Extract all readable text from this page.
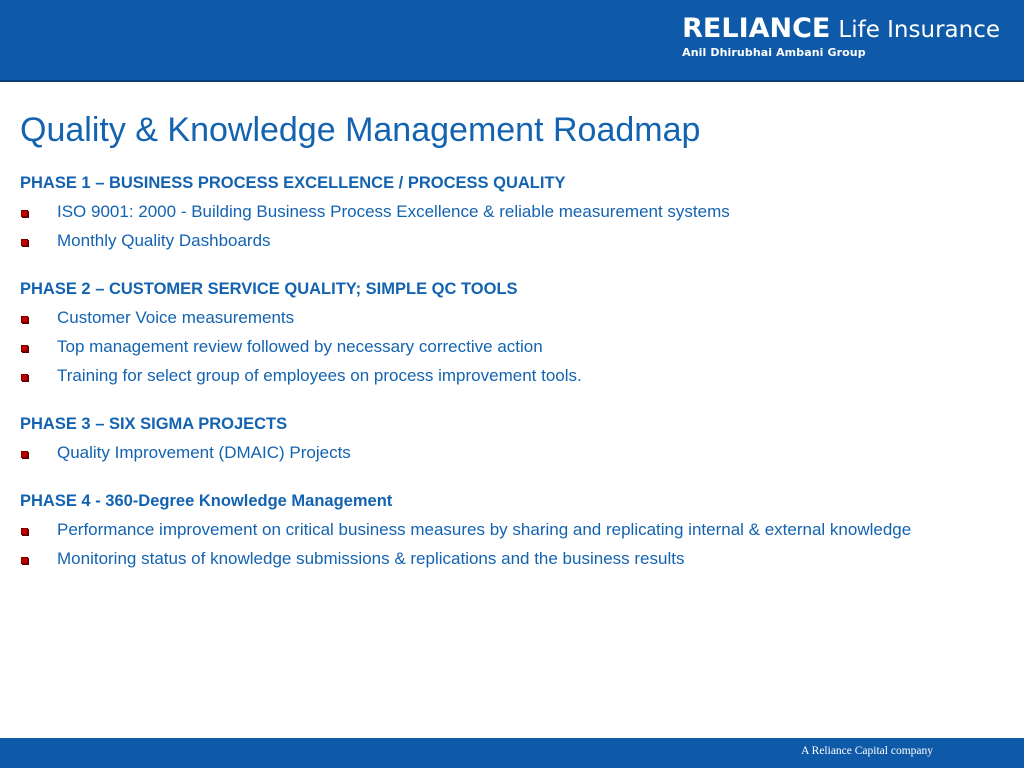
RELIANCE Life Insurance
Anil Dhirubhai Ambani Group
Quality & Knowledge Management Roadmap
PHASE 1 – BUSINESS PROCESS EXCELLENCE / PROCESS QUALITY
ISO 9001: 2000 - Building Business Process Excellence & reliable measurement systems
Monthly Quality Dashboards
PHASE 2 – CUSTOMER SERVICE QUALITY; SIMPLE QC TOOLS
Customer Voice measurements
Top management review followed by necessary corrective action
Training for select group of employees on process improvement tools.
PHASE 3 – SIX SIGMA PROJECTS
Quality Improvement (DMAIC) Projects
PHASE 4 - 360-Degree Knowledge Management
Performance improvement on critical business measures by sharing and replicating internal & external knowledge
Monitoring status of knowledge submissions & replications and the business results
A Reliance Capital company
